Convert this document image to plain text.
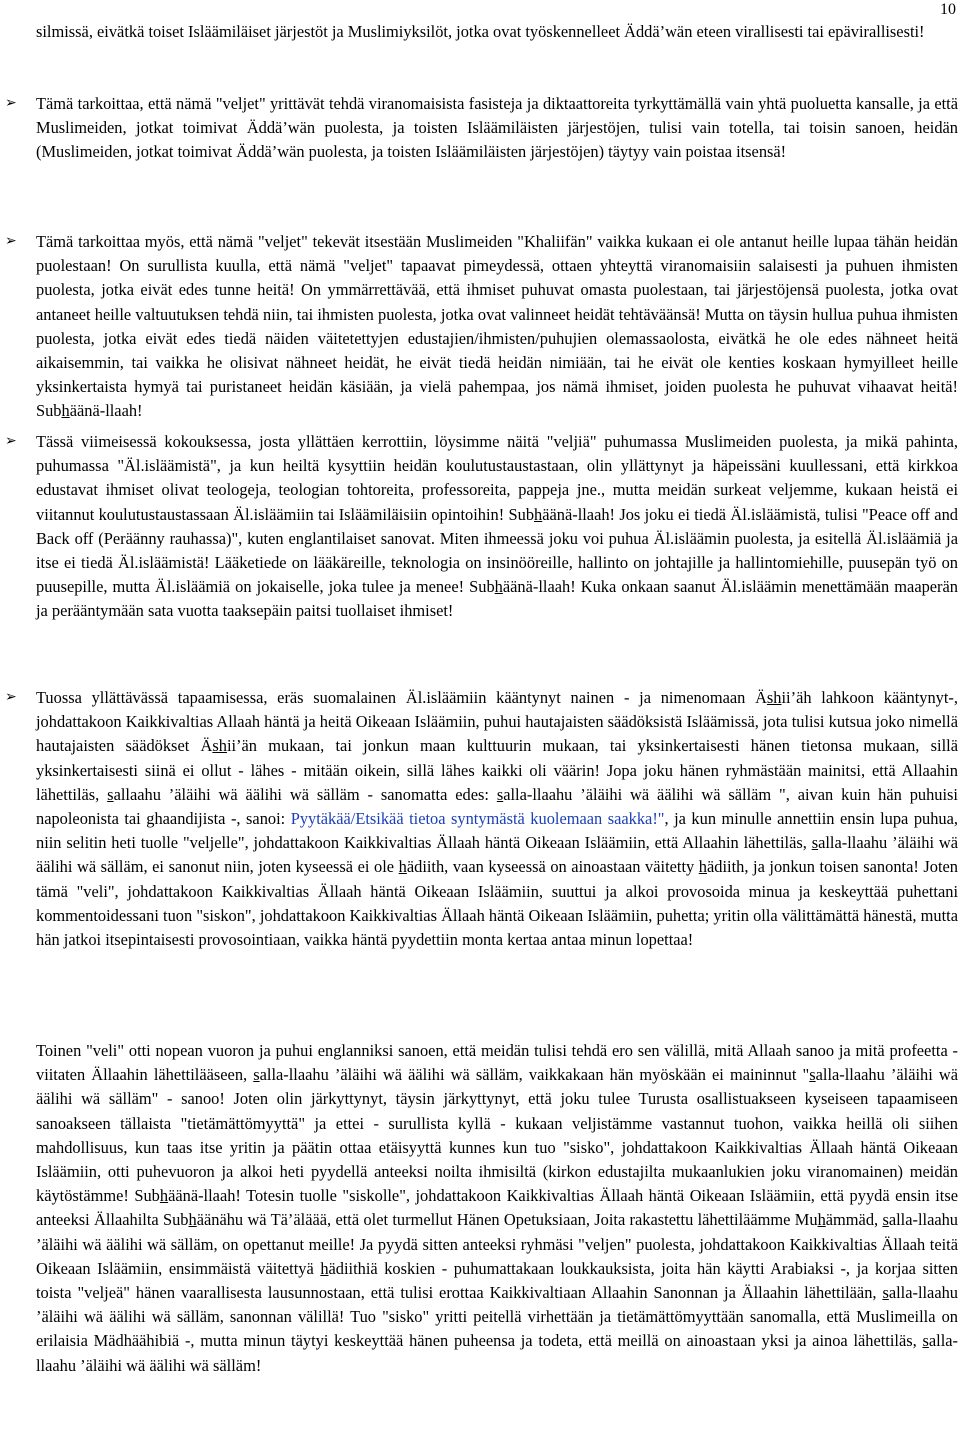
10

silmissä, eivätkä toiset Isläämiläiset järjestöt ja Muslimiyksilöt, jotka ovat työskennelleet Äddä’wän eteen virallisesti tai epävirallisesti!

Tämä tarkoittaa, että nämä "veljet" yrittävät tehdä viranomaisista fasisteja ja diktaattoreita tyrkyttämällä vain yhtä puoluetta kansalle, ja että Muslimeiden, jotkat toimivat Äddä’wän puolesta, ja toisten Isläämiläisten järjestöjen, tulisi vain totella, tai toisin sanoen, heidän (Muslimeiden, jotkat toimivat Äddä’wän puolesta, ja toisten Isläämiläisten järjestöjen) täytyy vain poistaa itsensä!

Tämä tarkoittaa myös, että nämä "veljet" tekevät itsestään Muslimeiden "Khaliifän" vaikka kukaan ei ole antanut heille lupaa tähän heidän puolestaan! On surullista kuulla, että nämä "veljet" tapaavat pimeydessä, ottaen yhteyttä viranomaisiin salaisesti ja puhuen ihmisten puolesta, jotka eivät edes tunne heitä! On ymmärrettävää, että ihmiset puhuvat omasta puolestaan, tai järjestöjensä puolesta, jotka ovat antaneet heille valtuutuksen tehdä niin, tai ihmisten puolesta, jotka ovat valinneet heidät tehtäväänsä! Mutta on täysin hullua puhua ihmisten puolesta, jotka eivät edes tiedä näiden väitetettyjen edustajien/ihmisten/puhujien olemassaolosta, eivätkä he ole edes nähneet heitä aikaisemmin, tai vaikka he olisivat nähneet heidät, he eivät tiedä heidän nimiään, tai he eivät ole kenties koskaan hymyilleet heille yksinkertaista hymyä tai puristaneet heidän käsiään, ja vielä pahempaa, jos nämä ihmiset, joiden puolesta he puhuvat vihaavat heitä! Subhäänä-llaah!

Tässä viimeisessä kokouksessa, josta yllättäen kerrottiin, löysimme näitä "veljiä" puhumassa Muslimeiden puolesta, ja mikä pahinta, puhumassa "Äl.isläämistä", ja kun heiltä kysyttiin heidän koulutustaustastaan, olin yllättynyt ja häpeissäni kuullessani, että kirkkoa edustavat ihmiset olivat teologeja, teologian tohtoreita, professoreita, pappeja jne., mutta meidän surkeat veljemme, kukaan heistä ei viitannut koulutustaustassaan Äl.isläämiin tai Isläämiläisiin opintoihin! Subhäänä-llaah! Jos joku ei tiedä Äl.isläämistä, tulisi "Peace off and Back off (Peräänny rauhassa)", kuten englantilaiset sanovat. Miten ihmeessä joku voi puhua Äl.isläämin puolesta, ja esitellä Äl.isläämiä ja itse ei tiedä Äl.isläämistä! Lääketiede on lääkäreille, teknologia on insinööreille, hallinto on johtajille ja hallintomiehille, puusepän työ on puusepille, mutta Äl.isläämiä on jokaiselle, joka tulee ja menee! Subhäänä-llaah! Kuka onkaan saanut Äl.isläämin menettämään maaperän ja perääntymään sata vuotta taaksepäin paitsi tuollaiset ihmiset!

Tuossa yllättävässä tapaamisessa, eräs suomalainen Äl.isläämiin kääntynyt nainen - ja nimenomaan Äshii’äh lahkoon kääntynyt-, johdattakoon Kaikkivaltias Allaah häntä ja heitä Oikeaan Isläämiin, puhui hautajaisten säädöksistä Isläämissä, jota tulisi kutsua joko nimellä hautajaisten säädökset Äshii’än mukaan, tai jonkun maan kulttuurin mukaan, tai yksinkertaisesti hänen tietonsa mukaan, sillä yksinkertaisesti siinä ei ollut - lähes - mitään oikein, sillä lähes kaikki oli väärin! Jopa joku hänen ryhmästään mainitsi, että Allaahin lähettiläs, sallaahu ’äläihi wä äälihi wä sälläm - sanomatta edes: salla-llaahu ’äläihi wä äälihi wä sälläm ", aivan kuin hän puhuisi napoleonista tai ghaandijista -, sanoi: Pyytäkää/Etsikää tietoa syntymästä kuolemaan saakka!", ja kun minulle annettiin ensin lupa puhua, niin selitin heti tuolle "veljelle", johdattakoon Kaikkivaltias Ällaah häntä Oikeaan Isläämiin, että Allaahin lähettiläs, salla-llaahu ’äläihi wä äälihi wä sälläm, ei sanonut niin, joten kyseessä ei ole hädiith, vaan kyseessä on ainoastaan väitetty hädiith, ja jonkun toisen sanonta! Joten tämä "veli", johdattakoon Kaikkivaltias Ällaah häntä Oikeaan Isläämiin, suuttui ja alkoi provosoida minua ja keskeyttää puhettani kommentoidessani tuon "siskon", johdattakoon Kaikkivaltias Ällaah häntä Oikeaan Isläämiin, puhetta; yritin olla välittämättä hänestä, mutta hän jatkoi itsepintaisesti provosointiaan, vaikka häntä pyydettiin monta kertaa antaa minun lopettaa!

Toinen "veli" otti nopean vuoron ja puhui englanniksi sanoen, että meidän tulisi tehdä ero sen välillä, mitä Allaah sanoo ja mitä profeetta - viitaten Ällaahin lähettilääseen, salla-llaahu ’äläihi wä äälihi wä sälläm, vaikkakaan hän myöskään ei maininnut "salla-llaahu ’äläihi wä äälihi wä sälläm" - sanoo! Joten olin järkyttynyt, täysin järkyttynyt, että joku tulee Turusta osallistuakseen kyseiseen tapaamiseen sanoakseen tällaista "tietämättömyyttä" ja ettei - surullista kyllä - kukaan veljistämme vastannut tuohon, vaikka heillä oli siihen mahdollisuus, kun taas itse yritin ja päätin ottaa etäisyyttä kunnes kun tuo "sisko", johdattakoon Kaikkivaltias Ällaah häntä Oikeaan Isläämiin, otti puhevuoron ja alkoi heti pyydellä anteeksi noilta ihmisiltä (kirkon edustajilta mukaanlukien joku viranomainen) meidän käytöstämme! Subhäänä-llaah! Totesin tuolle "siskolle", johdattakoon Kaikkivaltias Ällaah häntä Oikeaan Isläämiin, että pyydä ensin itse anteeksi Ällaahilta Subhäänähu wä Tä’äläää, että olet turmellut Hänen Opetuksiaan, Joita rakastettu lähettiläämme Muhämmäd, salla-llaahu ’äläihi wä äälihi wä sälläm, on opettanut meille! Ja pyydä sitten anteeksi ryhmäsi "veljen" puolesta, johdattakoon Kaikkivaltias Ällaah teitä Oikeaan Isläämiin, ensimmäistä väitettyä hädiithiä koskien - puhumattakaan loukkauksista, joita hän käytti Arabiaksi -, ja korjaa sitten toista "veljeä" hänen vaarallisesta lausunnostaan, että tulisi erottaa Kaikkivaltiaan Allaahin Sanonnan ja Ällaahin lähettilään, salla-llaahu ’äläihi wä äälihi wä sälläm, sanonnan välillä! Tuo "sisko" yritti peitellä virhettään ja tietämättömyyttään sanomalla, että Muslimeilla on erilaisia Mädhäähibiä -, mutta minun täytyi keskeyttää hänen puheensa ja todeta, että meillä on ainoastaan yksi ja ainoa lähettiläs, salla-llaahu ’äläihi wä äälihi wä sälläm!

➢
➢
➢
➢
